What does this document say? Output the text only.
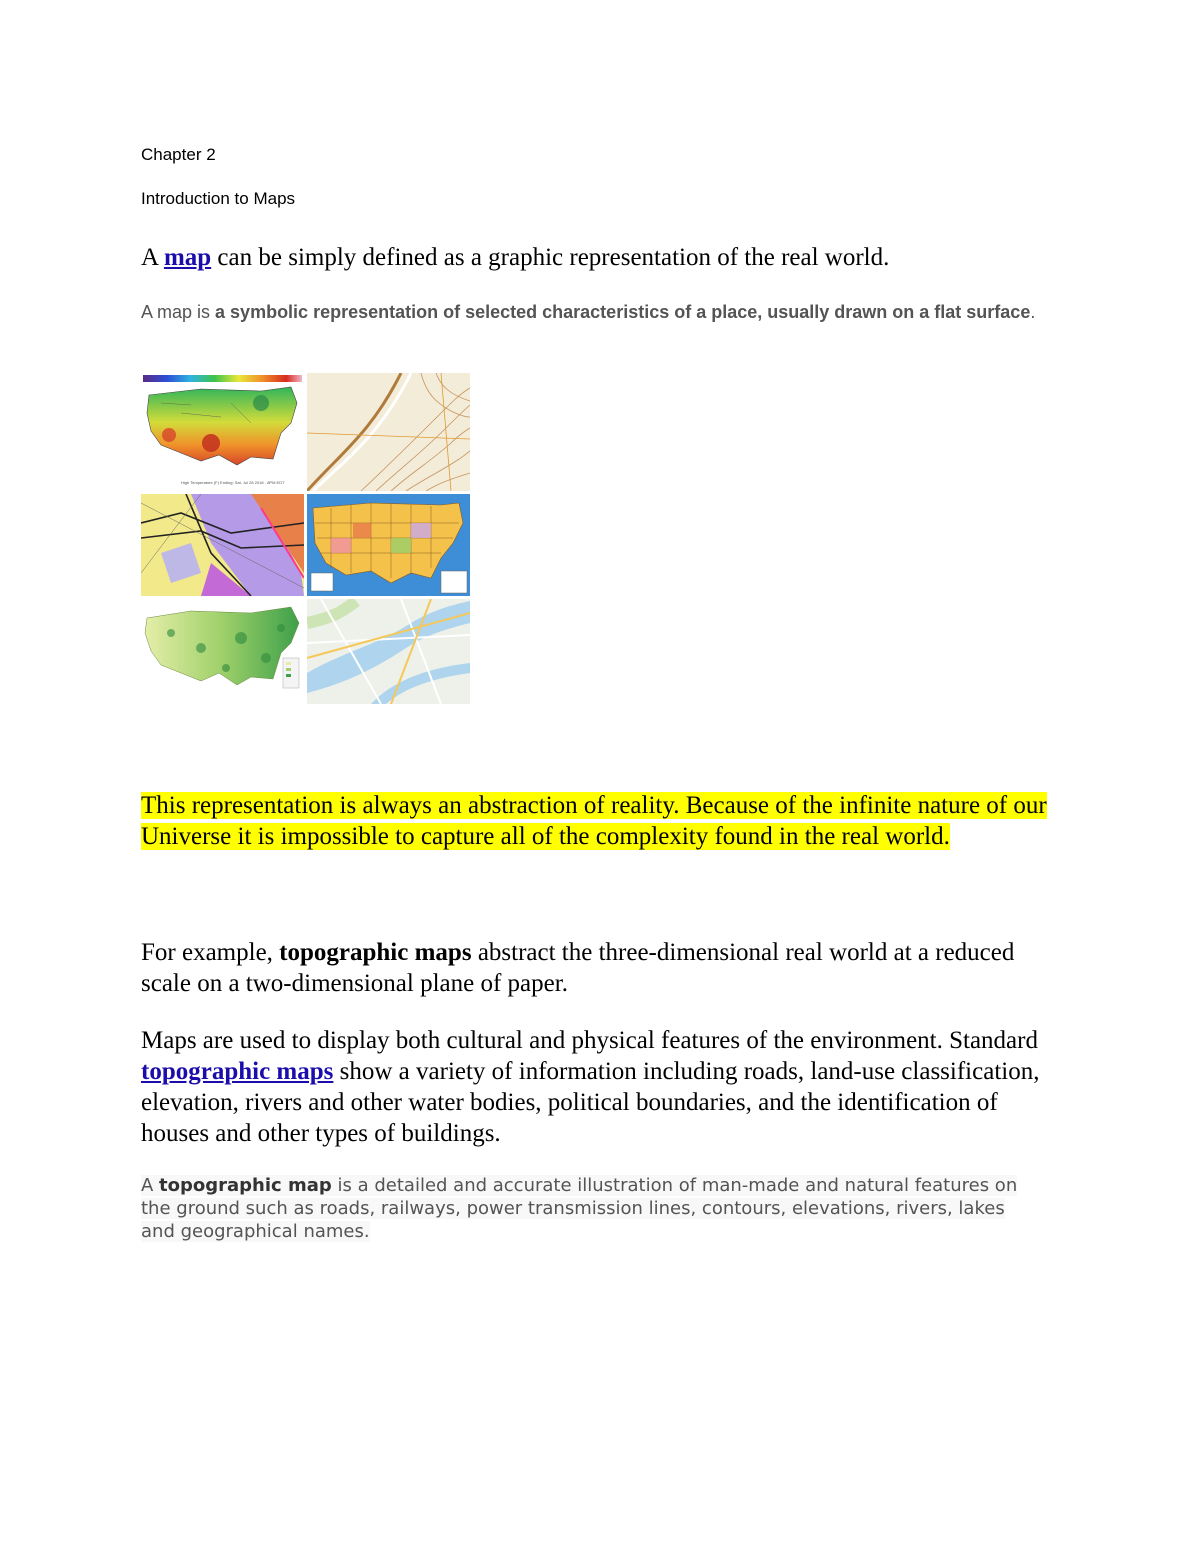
Chapter 2
Introduction to Maps
A map can be simply defined as a graphic representation of the real world.
A map is a symbolic representation of selected characteristics of a place, usually drawn on a flat surface.
High Temperature (F) Ending: Sat, Jul 28 2018 - 8PM EDT
This representation is always an abstraction of reality. Because of the infinite nature of our Universe it is impossible to capture all of the complexity found in the real world.
For example, topographic maps abstract the three-dimensional real world at a reduced scale on a two-dimensional plane of paper.
Maps are used to display both cultural and physical features of the environment. Standard topographic maps show a variety of information including roads, land-use classification, elevation, rivers and other water bodies, political boundaries, and the identification of houses and other types of buildings.
A topographic map is a detailed and accurate illustration of man-made and natural features on the ground such as roads, railways, power transmission lines, contours, elevations, rivers, lakes and geographical names.
